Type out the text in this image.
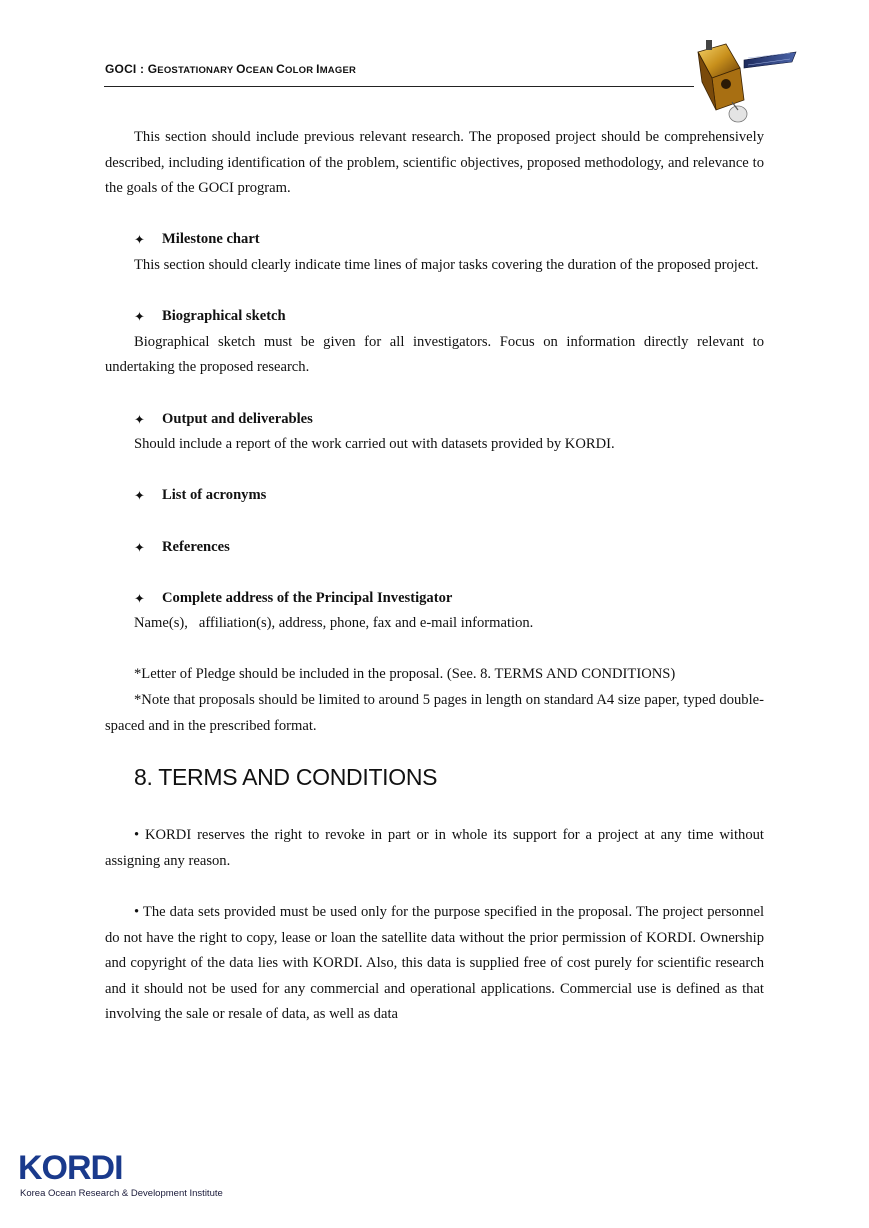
GOCI : GEOSTATIONARY OCEAN COLOR IMAGER

This section should include previous relevant research. The proposed project should be comprehensively described, including identification of the problem, scientific objectives, proposed methodology, and relevance to the goals of the GOCI program.

✦	Milestone chart

This section should clearly indicate time lines of major tasks covering the duration of the proposed project.

✦	Biographical sketch

Biographical sketch must be given for all investigators. Focus on information directly relevant to undertaking the proposed research.

✦	Output and deliverables

Should include a report of the work carried out with datasets provided by KORDI.

✦	List of acronyms

✦	References

✦	Complete address of the Principal Investigator

Name(s),   affiliation(s), address, phone, fax and e-mail information.

*Letter of Pledge should be included in the proposal. (See. 8. TERMS AND CONDITIONS)

*Note that proposals should be limited to around 5 pages in length on standard A4 size paper, typed double-spaced and in the prescribed format.

8. TERMS AND CONDITIONS

• KORDI reserves the right to revoke in part or in whole its support for a project at any time without assigning any reason.

• The data sets provided must be used only for the purpose specified in the proposal. The project personnel do not have the right to copy, lease or loan the satellite data without the prior permission of KORDI. Ownership and copyright of the data lies with KORDI. Also, this data is supplied free of cost purely for scientific research and it should not be used for any commercial and operational applications. Commercial use is defined as that involving the sale or resale of data, as well as data

KORDI
Korea Ocean Research & Development Institute
